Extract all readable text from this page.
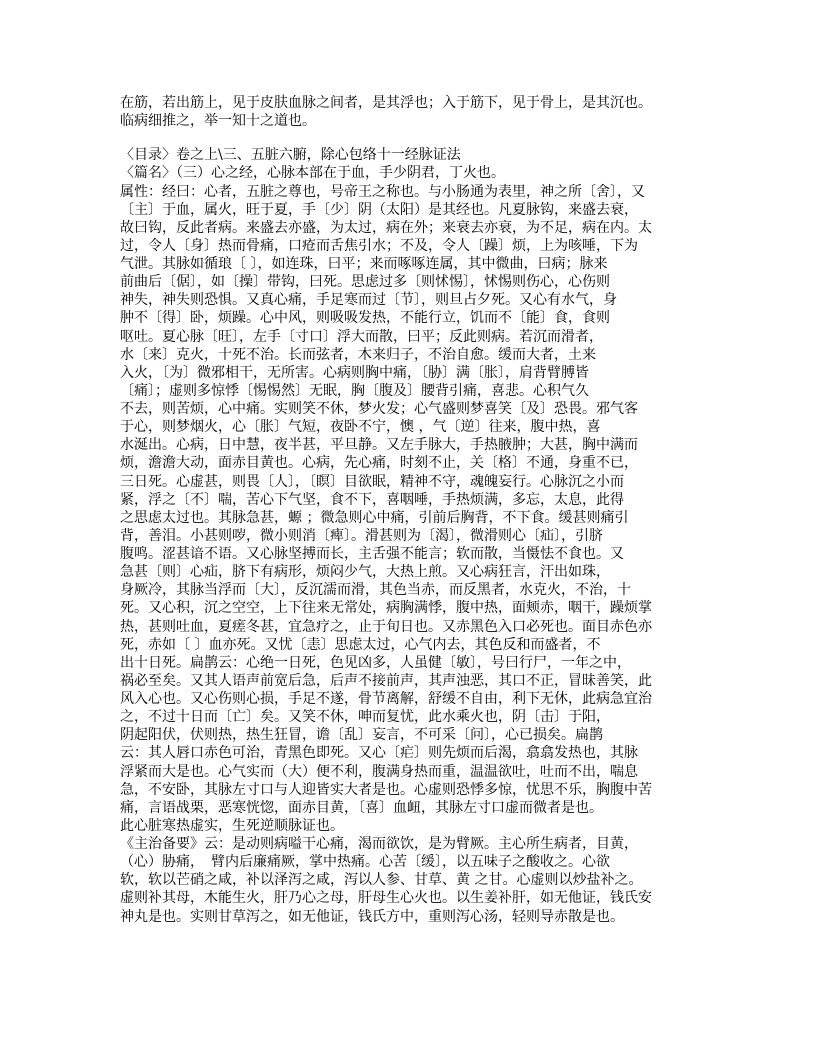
在筋，若出筋上，见于皮肤血脉之间者，是其浮也；入于筋下，见于骨上，是其沉也。
临病细推之，举一知十之道也。
〈目录〉卷之上\三、五脏六腑，除心包络十一经脉证法
〈篇名〉（三）心之经，心脉本部在于血，手少阴君，丁火也。
属性：经曰：心者，五脏之尊也，号帝王之称也。与小肠通为表里，神之所〔舍〕，又
〔主〕于血，属火，旺于夏，手〔少〕阴（太阳）是其经也。凡夏脉钩，来盛去衰，
故曰钩，反此者病。来盛去亦盛，为太过，病在外；来衰去亦衰，为不足，病在内。太
过，令人〔身〕热而骨痛，口疮而舌焦引水；不及，令人〔躁〕烦，上为咳唾，下为
气泄。其脉如循琅〔 〕，如连珠，曰平；来而啄啄连属，其中微曲，曰病；脉来
前曲后〔倨〕，如〔操〕带钩，曰死。思虑过多〔则怵惕〕，怵惕则伤心，心伤则
神失，神失则恐惧。又真心痛，手足寒而过〔节〕，则旦占夕死。又心有水气，身
肿不〔得〕卧，烦躁。心中风，则吸吸发热，不能行立，饥而不〔能〕食，食则
呕吐。夏心脉〔旺〕，左手〔寸口〕浮大而散，曰平；反此则病。若沉而滑者，
水〔来〕克火，十死不治。长而弦者，木来归子，不治自愈。缓而大者，土来
入火，〔为〕微邪相干，无所害。心病则胸中痛，〔胁〕满〔胀〕，肩背臂膊皆
〔痛〕；虚则多惊悸〔惕惕然〕无眠，胸〔腹及〕腰背引痛，喜悲。心积气久
不去，则苦烦，心中痛。实则笑不休，梦火发；心气盛则梦喜笑〔及〕恐畏。邪气客
于心，则梦烟火，心〔胀〕气短，夜卧不宁，懊 ，气〔逆〕往来，腹中热，喜
水涎出。心病，日中慧，夜半甚，平旦静。又左手脉大，手热腋肿；大甚，胸中满而
烦，澹澹大动，面赤目黄也。心病，先心痛，时刻不止，关〔格〕不通，身重不已，
三日死。心虚甚，则畏〔人〕，〔瞑〕目欲眠，精神不守，魂魄妄行。心脉沉之小而
紧，浮之〔不〕喘，苦心下气坚，食不下，喜咽唾，手热烦满，多忘，太息，此得
之思虑太过也。其脉急甚，螈 ；微急则心中痛，引前后胸背，不下食。缓甚则痛引
背，善泪。小甚则哕，微小则消〔痺〕。滑甚则为〔渴〕，微滑则心〔疝〕，引脐
腹鸣。涩甚谙不语。又心脉坚搏而长，主舌强不能言；软而散，当慑怯不食也。又
急甚〔则〕心疝，脐下有病形，烦闷少气，大热上煎。又心病狂言，汗出如珠，
身厥冷，其脉当浮而〔大〕，反沉濡而滑，其色当赤，而反黑者，水克火，不治，十
死。又心积，沉之空空，上下往来无常处，病胸满悸，腹中热，面颊赤，咽干，躁烦掌
热，甚则吐血，夏瘥冬甚，宜急疗之，止于旬日也。又赤黑色入口必死也。面目赤色亦
死，赤如〔 〕血亦死。又忧〔恚〕思虑太过，心气内去，其色反和而盛者，不
出十日死。扁鹊云：心绝一日死，色见凶多，人虽健〔敏〕，号曰行尸，一年之中，
祸必至矣。又其人语声前宽后急，后声不接前声，其声浊恶，其口不正，冒昧善笑，此
风入心也。又心伤则心损，手足不遂，骨节离解，舒缓不自由，利下无休，此病急宜治
之，不过十日而〔亡〕矣。又笑不休，呻而复忧，此水乘火也，阴〔击〕于阳，
阴起阳伏，伏则热，热生狂冒，谵〔乱〕妄言，不可采〔问〕，心已损矣。扁鹊
云：其人唇口赤色可治，青黑色即死。又心〔疟〕则先烦而后渴，翕翕发热也，其脉
浮紧而大是也。心气实而（大）便不利，腹满身热而重，温温欲吐，吐而不出，喘息
急，不安卧，其脉左寸口与人迎皆实大者是也。心虚则恐悸多惊，忧思不乐，胸腹中苦
痛，言语战栗，恶寒恍惚，面赤目黄，〔喜〕血衄，其脉左寸口虚而微者是也。
此心脏寒热虚实，生死逆顺脉证也。
《主治备要》云：是动则病嗌干心痛，渴而欲饮，是为臂厥。主心所生病者，目黄，
（心）胁痛，　臂内后廉痛厥，掌中热痛。心苦〔缓〕，以五味子之酸收之。心欲
软，软以芒硝之咸，补以泽泻之咸，泻以人参、甘草、黄 之甘。心虚则以炒盐补之。
虚则补其母，木能生火，肝乃心之母，肝母生心火也。以生姜补肝，如无他证，钱氏安
神丸是也。实则甘草泻之，如无他证，钱氏方中，重则泻心汤，轻则导赤散是也。
